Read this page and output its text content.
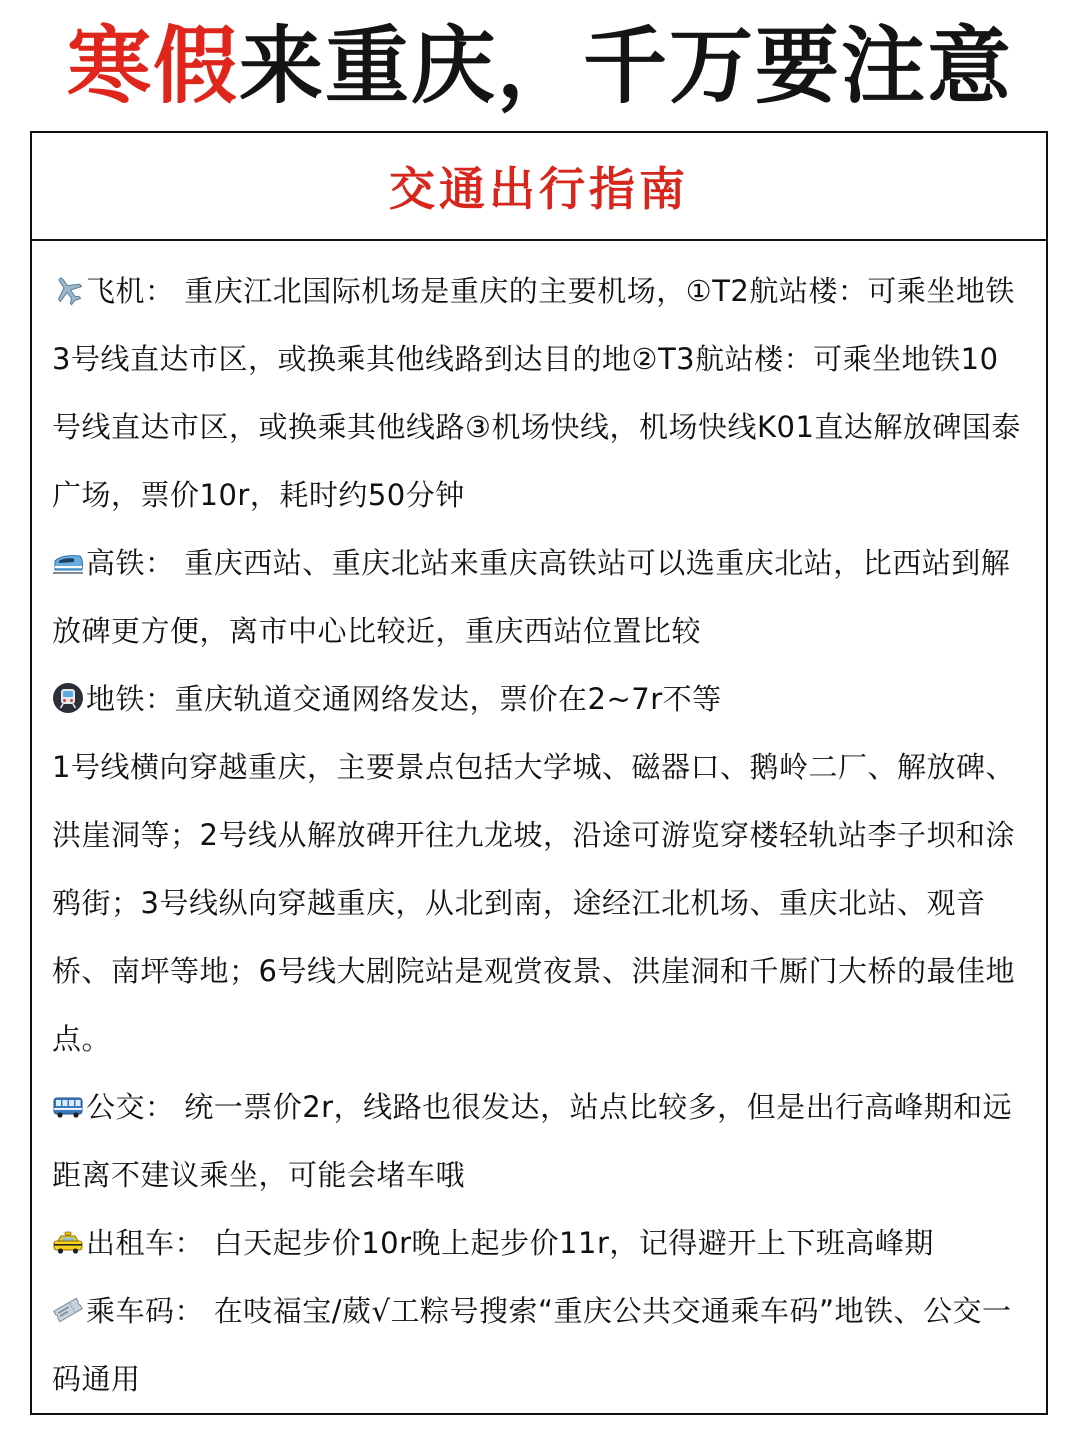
寒假来重庆，千万要注意
交通出行指南

飞机： 重庆江北国际机场是重庆的主要机场，①T2航站楼：可乘坐地铁3号线直达市区，或换乘其他线路到达目的地②T3航站楼：可乘坐地铁10号线直达市区，或换乘其他线路③机场快线，机场快线K01直达解放碑国泰广场，票价10r，耗时约50分钟

高铁： 重庆西站、重庆北站来重庆高铁站可以选重庆北站，比西站到解放碑更方便，离市中心比较近，重庆西站位置比较

地铁：重庆轨道交通网络发达，票价在2~7r不等

1号线横向穿越重庆，主要景点包括大学城、磁器口、鹅岭二厂、解放碑、洪崖洞等；2号线从解放碑开往九龙坡，沿途可游览穿楼轻轨站李子坝和涂鸦街；3号线纵向穿越重庆，从北到南，途经江北机场、重庆北站、观音桥、南坪等地；6号线大剧院站是观赏夜景、洪崖洞和千厮门大桥的最佳地点。

公交： 统一票价2r，线路也很发达，站点比较多，但是出行高峰期和远距离不建议乘坐，可能会堵车哦

出租车： 白天起步价10r晚上起步价11r，记得避开上下班高峰期

乘车码： 在吱福宝/葳√工粽号搜索“重庆公共交通乘车码”地铁、公交一码通用
